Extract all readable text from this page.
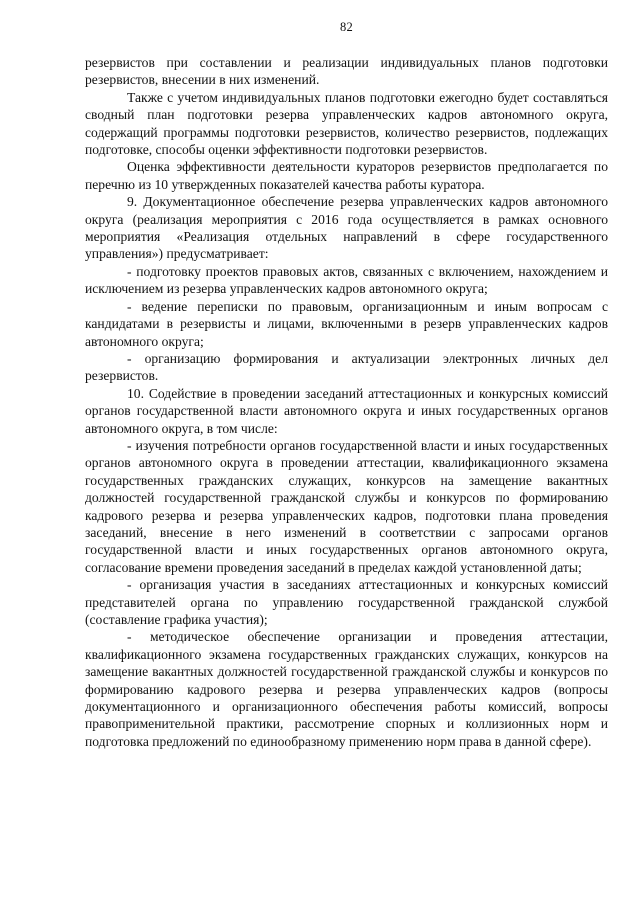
82

резервистов при составлении и реализации индивидуальных планов подготовки резервистов, внесении в них изменений.

Также с учетом индивидуальных планов подготовки ежегодно будет составляться сводный план подготовки резерва управленческих кадров автономного округа, содержащий программы подготовки резервистов, количество резервистов, подлежащих подготовке, способы оценки эффективности подготовки резервистов.

Оценка эффективности деятельности кураторов резервистов предполагается по перечню из 10 утвержденных показателей качества работы куратора.

9. Документационное обеспечение резерва управленческих кадров автономного округа (реализация мероприятия с 2016 года осуществляется в рамках основного мероприятия «Реализация отдельных направлений в сфере государственного управления») предусматривает:

- подготовку проектов правовых актов, связанных с включением, нахождением и исключением из резерва управленческих кадров автономного округа;

- ведение переписки по правовым, организационным и иным вопросам с кандидатами в резервисты и лицами, включенными в резерв управленческих кадров автономного округа;

- организацию формирования и актуализации электронных личных дел резервистов.

10. Содействие в проведении заседаний аттестационных и конкурсных комиссий органов государственной власти автономного округа и иных государственных органов автономного округа, в том числе:

- изучения потребности органов государственной власти и иных государственных органов автономного округа в проведении аттестации, квалификационного экзамена государственных гражданских служащих, конкурсов на замещение вакантных должностей государственной гражданской службы и конкурсов по формированию кадрового резерва и резерва управленческих кадров, подготовки плана проведения заседаний, внесение в него изменений в соответствии с запросами органов государственной власти и иных государственных органов автономного округа, согласование времени проведения заседаний в пределах каждой установленной даты;

- организация участия в заседаниях аттестационных и конкурсных комиссий представителей органа по управлению государственной гражданской службой (составление графика участия);

- методическое обеспечение организации и проведения аттестации, квалификационного экзамена государственных гражданских служащих, конкурсов на замещение вакантных должностей государственной гражданской службы и конкурсов по формированию кадрового резерва и резерва управленческих кадров (вопросы документационного и организационного обеспечения работы комиссий, вопросы правоприменительной практики, рассмотрение спорных и коллизионных норм и подготовка предложений по единообразному применению норм права в данной сфере).
